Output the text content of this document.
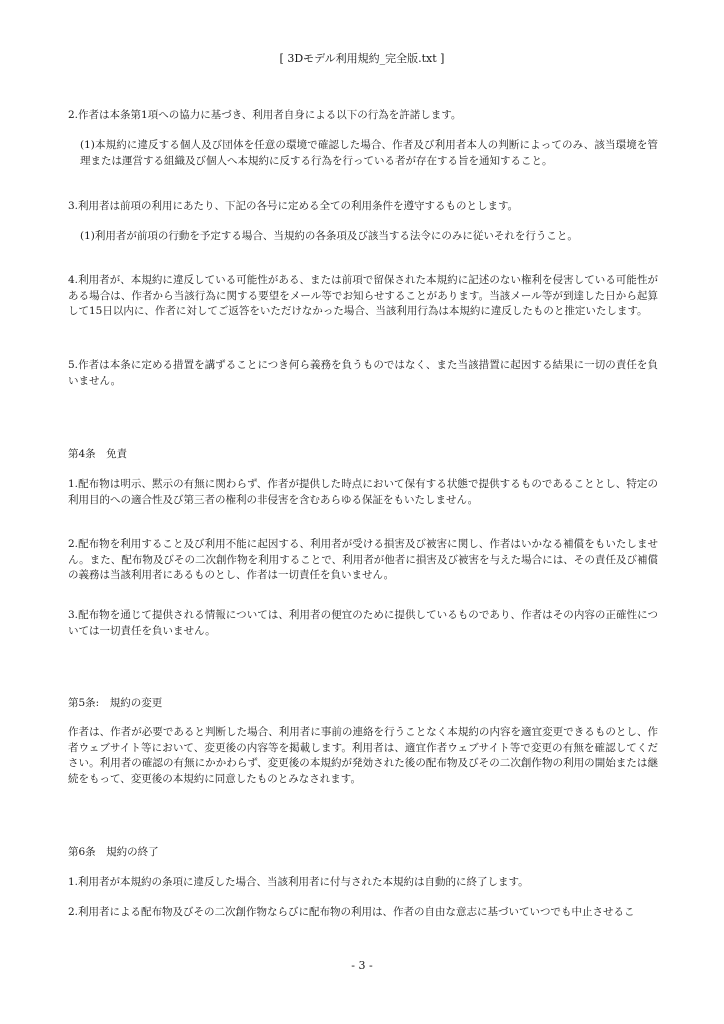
[ 3Dモデル利用規約_完全版.txt ]

2.作者は本条第1項への協力に基づき、利用者自身による以下の行為を許諾します。

(1)本規約に違反する個人及び団体を任意の環境で確認した場合、作者及び利用者本人の判断によってのみ、該当環境を管理または運営する組織及び個人へ本規約に反する行為を行っている者が存在する旨を通知すること。

3.利用者は前項の利用にあたり、下記の各号に定める全ての利用条件を遵守するものとします。

(1)利用者が前項の行動を予定する場合、当規約の各条項及び該当する法令にのみに従いそれを行うこと。

4.利用者が、本規約に違反している可能性がある、または前項で留保された本規約に記述のない権利を侵害している可能性がある場合は、作者から当該行為に関する要望をメール等でお知らせすることがあります。当該メール等が到達した日から起算して15日以内に、作者に対してご返答をいただけなかった場合、当該利用行為は本規約に違反したものと推定いたします。

5.作者は本条に定める措置を講ずることにつき何ら義務を負うものではなく、また当該措置に起因する結果に一切の責任を負いません。

第4条　免責

1.配布物は明示、黙示の有無に関わらず、作者が提供した時点において保有する状態で提供するものであることとし、特定の利用目的への適合性及び第三者の権利の非侵害を含むあらゆる保証をもいたしません。

2.配布物を利用すること及び利用不能に起因する、利用者が受ける損害及び被害に関し、作者はいかなる補償をもいたしません。また、配布物及びその二次創作物を利用することで、利用者が他者に損害及び被害を与えた場合には、その責任及び補償の義務は当該利用者にあるものとし、作者は一切責任を負いません。

3.配布物を通じて提供される情報については、利用者の便宜のために提供しているものであり、作者はその内容の正確性については一切責任を負いません。

第5条:　規約の変更

作者は、作者が必要であると判断した場合、利用者に事前の連絡を行うことなく本規約の内容を適宜変更できるものとし、作者ウェブサイト等において、変更後の内容等を掲載します。利用者は、適宜作者ウェブサイト等で変更の有無を確認してください。利用者の確認の有無にかかわらず、変更後の本規約が発効された後の配布物及びその二次創作物の利用の開始または継続をもって、変更後の本規約に同意したものとみなされます。

第6条　規約の終了

1.利用者が本規約の条項に違反した場合、当該利用者に付与された本規約は自動的に終了します。

2.利用者による配布物及びその二次創作物ならびに配布物の利用は、作者の自由な意志に基づいていつでも中止させるこ

- 3 -
